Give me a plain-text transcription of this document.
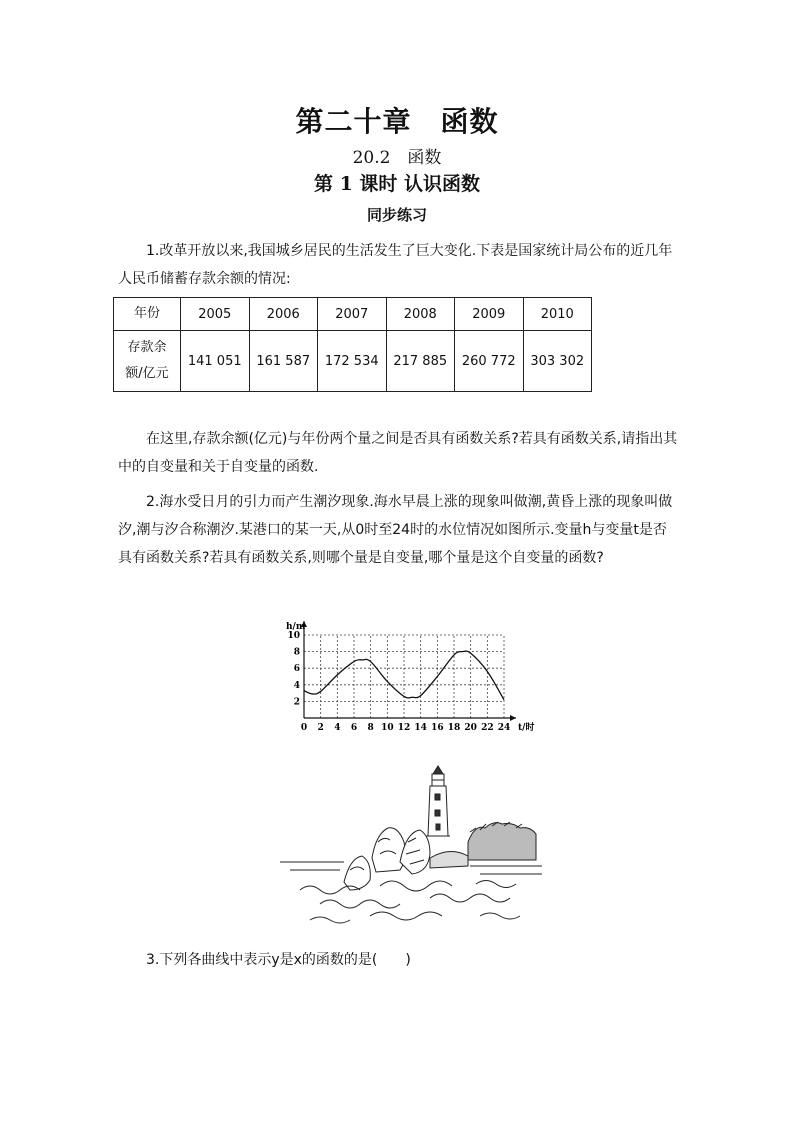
第二十章　函数
20.2　函数
第 1 课时 认识函数
同步练习
1.改革开放以来,我国城乡居民的生活发生了巨大变化.下表是国家统计局公布的近几年人民币储蓄存款余额的情况:
年份	2005	2006	2007	2008	2009	2010
存款余
额/亿元	141 051	161 587	172 534	217 885	260 772	303 302
在这里,存款余额(亿元)与年份两个量之间是否具有函数关系?若具有函数关系,请指出其中的自变量和关于自变量的函数.
2.海水受日月的引力而产生潮汐现象.海水早晨上涨的现象叫做潮,黄昏上涨的现象叫做汐,潮与汐合称潮汐.某港口的某一天,从0时至24时的水位情况如图所示.变量h与变量t是否具有函数关系?若具有函数关系,则哪个量是自变量,哪个量是这个自变量的函数?
0 2 4 6 8 10 12 14 16 18 20 22 24
2
4
6
8
10
t/时
h/m
3.下列各曲线中表示y是x的函数的是(　　)
